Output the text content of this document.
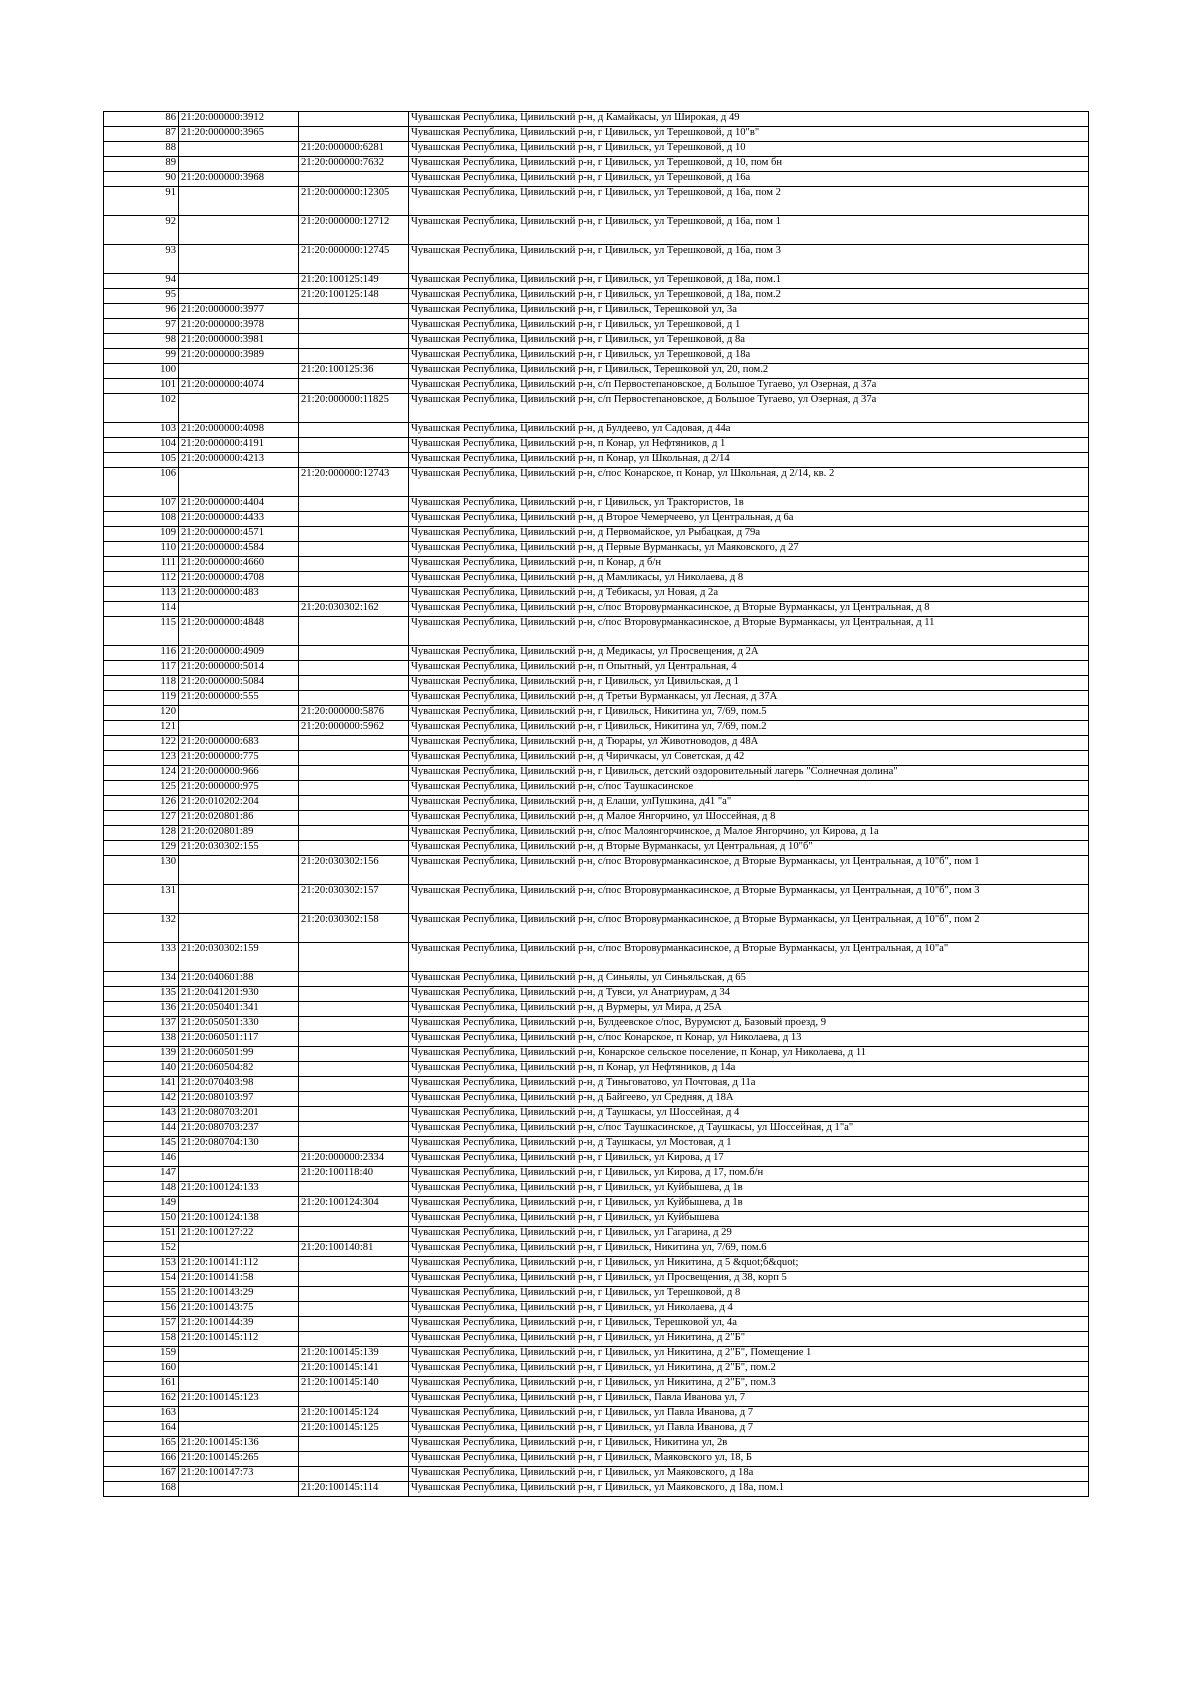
86	21:20:000000:3912		Чувашская Республика, Цивильский р-н, д Камайкасы, ул Широкая, д 49
87	21:20:000000:3965		Чувашская Республика, Цивильский р-н, г Цивильск, ул Терешковой, д 10"в"
88		21:20:000000:6281	Чувашская Республика, Цивильский р-н, г Цивильск, ул Терешковой, д 10
89		21:20:000000:7632	Чувашская Республика, Цивильский р-н, г Цивильск, ул Терешковой, д 10, пом бн
90	21:20:000000:3968		Чувашская Республика, Цивильский р-н, г Цивильск, ул Терешковой, д 16а
91		21:20:000000:12305	Чувашская Республика, Цивильский р-н, г Цивильск, ул Терешковой, д 16а, пом 2
92		21:20:000000:12712	Чувашская Республика, Цивильский р-н, г Цивильск, ул Терешковой, д 16а, пом 1
93		21:20:000000:12745	Чувашская Республика, Цивильский р-н, г Цивильск, ул Терешковой, д 16а, пом 3
94		21:20:100125:149	Чувашская Республика, Цивильский р-н, г Цивильск, ул Терешковой, д 18а, пом.1
95		21:20:100125:148	Чувашская Республика, Цивильский р-н, г Цивильск, ул Терешковой, д 18а, пом.2
96	21:20:000000:3977		Чувашская Республика, Цивильский р-н, г Цивильск, Терешковой ул, 3а
97	21:20:000000:3978		Чувашская Республика, Цивильский р-н, г Цивильск, ул Терешковой, д 1
98	21:20:000000:3981		Чувашская Республика, Цивильский р-н, г Цивильск, ул Терешковой, д 8а
99	21:20:000000:3989		Чувашская Республика, Цивильский р-н, г Цивильск, ул Терешковой, д 18а
100		21:20:100125:36	Чувашская Республика, Цивильский р-н, г Цивильск, Терешковой ул, 20, пом.2
101	21:20:000000:4074		Чувашская Республика, Цивильский р-н, с/п Первостепановское, д Большое Тугаево, ул Озерная, д 37а
102		21:20:000000:11825	Чувашская Республика, Цивильский р-н, с/п Первостепановское, д Большое Тугаево, ул Озерная, д 37а
103	21:20:000000:4098		Чувашская Республика, Цивильский р-н, д Булдеево, ул Садовая, д 44а
104	21:20:000000:4191		Чувашская Республика, Цивильский р-н, п Конар, ул Нефтяников, д 1
105	21:20:000000:4213		Чувашская Республика, Цивильский р-н, п Конар, ул Школьная, д 2/14
106		21:20:000000:12743	Чувашская Республика, Цивильский р-н, с/пос Конарское, п Конар, ул Школьная, д 2/14, кв. 2
107	21:20:000000:4404		Чувашская Республика, Цивильский р-н, г Цивильск, ул Трактористов, 1в
108	21:20:000000:4433		Чувашская Республика, Цивильский р-н, д Второе Чемерчеево, ул Центральная, д 6а
109	21:20:000000:4571		Чувашская Республика, Цивильский р-н, д Первомайское, ул Рыбацкая, д 79а
110	21:20:000000:4584		Чувашская Республика, Цивильский р-н, д Первые Вурманкасы, ул Маяковского, д 27
111	21:20:000000:4660		Чувашская Республика, Цивильский р-н, п Конар, д б/н
112	21:20:000000:4708		Чувашская Республика, Цивильский р-н, д Мамликасы, ул Николаева, д 8
113	21:20:000000:483		Чувашская Республика, Цивильский р-н, д Тебикасы, ул Новая, д 2а
114		21:20:030302:162	Чувашская Республика, Цивильский р-н, с/пос Второвурманкасинское, д Вторые Вурманкасы, ул Центральная, д 8
115	21:20:000000:4848		Чувашская Республика, Цивильский р-н, с/пос Второвурманкасинское, д Вторые Вурманкасы, ул Центральная, д 11
116	21:20:000000:4909		Чувашская Республика, Цивильский р-н, д Медикасы, ул Просвещения, д 2А
117	21:20:000000:5014		Чувашская Республика, Цивильский р-н, п Опытный, ул Центральная, 4
118	21:20:000000:5084		Чувашская Республика, Цивильский р-н, г Цивильск, ул Цивильская, д 1
119	21:20:000000:555		Чувашская Республика, Цивильский р-н, д Третьи Вурманкасы, ул Лесная, д 37А
120		21:20:000000:5876	Чувашская Республика, Цивильский р-н, г Цивильск, Никитина ул, 7/69, пом.5
121		21:20:000000:5962	Чувашская Республика, Цивильский р-н, г Цивильск, Никитина ул, 7/69, пом.2
122	21:20:000000:683		Чувашская Республика, Цивильский р-н, д Тюрары, ул Животноводов, д 48А
123	21:20:000000:775		Чувашская Республика, Цивильский р-н, д Чиричкасы, ул Советская, д 42
124	21:20:000000:966		Чувашская Республика, Цивильский р-н, г Цивильск, детский оздоровительный лагерь "Солнечная долина"
125	21:20:000000:975		Чувашская Республика, Цивильский р-н, с/пос Таушкасинское
126	21:20:010202:204		Чувашская Республика, Цивильский р-н, д Елаши, улПушкина, д41 "а"
127	21:20:020801:86		Чувашская Республика, Цивильский р-н, д Малое Янгорчино, ул Шоссейная, д 8
128	21:20:020801:89		Чувашская Республика, Цивильский р-н, с/пос Малоянгорчинское, д Малое Янгорчино, ул Кирова, д 1а
129	21:20:030302:155		Чувашская Республика, Цивильский р-н, д Вторые Вурманкасы, ул Центральная, д 10"б"
130		21:20:030302:156	Чувашская Республика, Цивильский р-н, с/пос Второвурманкасинское, д Вторые Вурманкасы, ул Центральная, д 10"б", пом 1
131		21:20:030302:157	Чувашская Республика, Цивильский р-н, с/пос Второвурманкасинское, д Вторые Вурманкасы, ул Центральная, д 10"б", пом 3
132		21:20:030302:158	Чувашская Республика, Цивильский р-н, с/пос Второвурманкасинское, д Вторые Вурманкасы, ул Центральная, д 10"б", пом 2
133	21:20:030302:159		Чувашская Республика, Цивильский р-н, с/пос Второвурманкасинское, д Вторые Вурманкасы, ул Центральная, д 10"а"
134	21:20:040601:88		Чувашская Республика, Цивильский р-н, д Синьялы, ул Синьяльская, д 65
135	21:20:041201:930		Чувашская Республика, Цивильский р-н, д Тувси, ул Анатриурам, д 34
136	21:20:050401:341		Чувашская Республика, Цивильский р-н, д Вурмеры, ул Мира, д 25А
137	21:20:050501:330		Чувашская Республика, Цивильский р-н, Булдеевское с/пос, Вурумсют д, Базовый проезд, 9
138	21:20:060501:117		Чувашская Республика, Цивильский р-н, с/пос Конарское, п Конар, ул Николаева, д 13
139	21:20:060501:99		Чувашская Республика, Цивильский р-н, Конарское сельское поселение, п Конар, ул Николаева, д 11
140	21:20:060504:82		Чувашская Республика, Цивильский р-н, п Конар, ул Нефтяников, д 14а
141	21:20:070403:98		Чувашская Республика, Цивильский р-н, д Тиньговатово, ул Почтовая, д 11а
142	21:20:080103:97		Чувашская Республика, Цивильский р-н, д Байгеево, ул Средняя, д 18А
143	21:20:080703:201		Чувашская Республика, Цивильский р-н, д Таушкасы, ул Шоссейная, д 4
144	21:20:080703:237		Чувашская Республика, Цивильский р-н, с/пос Таушкасинское, д Таушкасы, ул Шоссейная, д 1"а"
145	21:20:080704:130		Чувашская Республика, Цивильский р-н, д Таушкасы, ул Мостовая, д 1
146		21:20:000000:2334	Чувашская Республика, Цивильский р-н, г Цивильск, ул Кирова, д 17
147		21:20:100118:40	Чувашская Республика, Цивильский р-н, г Цивильск, ул Кирова, д 17, пом.б/н
148	21:20:100124:133		Чувашская Республика, Цивильский р-н, г Цивильск, ул Куйбышева, д 1в
149		21:20:100124:304	Чувашская Республика, Цивильский р-н, г Цивильск, ул Куйбышева, д 1в
150	21:20:100124:138		Чувашская Республика, Цивильский р-н, г Цивильск, ул Куйбышева
151	21:20:100127:22		Чувашская Республика, Цивильский р-н, г Цивильск, ул Гагарина, д 29
152		21:20:100140:81	Чувашская Республика, Цивильский р-н, г Цивильск, Никитина ул, 7/69, пом.6
153	21:20:100141:112		Чувашская Республика, Цивильский р-н, г Цивильск, ул Никитина, д 5 &quot;б&quot;
154	21:20:100141:58		Чувашская Республика, Цивильский р-н, г Цивильск, ул Просвещения, д 38, корп 5
155	21:20:100143:29		Чувашская Республика, Цивильский р-н, г Цивильск, ул Терешковой, д 8
156	21:20:100143:75		Чувашская Республика, Цивильский р-н, г Цивильск, ул Николаева, д 4
157	21:20:100144:39		Чувашская Республика, Цивильский р-н, г Цивильск, Терешковой ул, 4а
158	21:20:100145:112		Чувашская Республика, Цивильский р-н, г Цивильск, ул Никитина, д 2"Б"
159		21:20:100145:139	Чувашская Республика, Цивильский р-н, г Цивильск, ул Никитина, д 2"Б", Помещение 1
160		21:20:100145:141	Чувашская Республика, Цивильский р-н, г Цивильск, ул Никитина, д 2"Б", пом.2
161		21:20:100145:140	Чувашская Республика, Цивильский р-н, г Цивильск, ул Никитина, д 2"Б", пом.3
162	21:20:100145:123		Чувашская Республика, Цивильский р-н, г Цивильск, Павла Иванова ул, 7
163		21:20:100145:124	Чувашская Республика, Цивильский р-н, г Цивильск, ул Павла Иванова, д 7
164		21:20:100145:125	Чувашская Республика, Цивильский р-н, г Цивильск, ул Павла Иванова, д 7
165	21:20:100145:136		Чувашская Республика, Цивильский р-н, г Цивильск, Никитина ул, 2в
166	21:20:100145:265		Чувашская Республика, Цивильский р-н, г Цивильск, Маяковского ул, 18, Б
167	21:20:100147:73		Чувашская Республика, Цивильский р-н, г Цивильск, ул Маяковского, д 18а
168		21:20:100145:114	Чувашская Республика, Цивильский р-н, г Цивильск, ул Маяковского, д 18а, пом.1
